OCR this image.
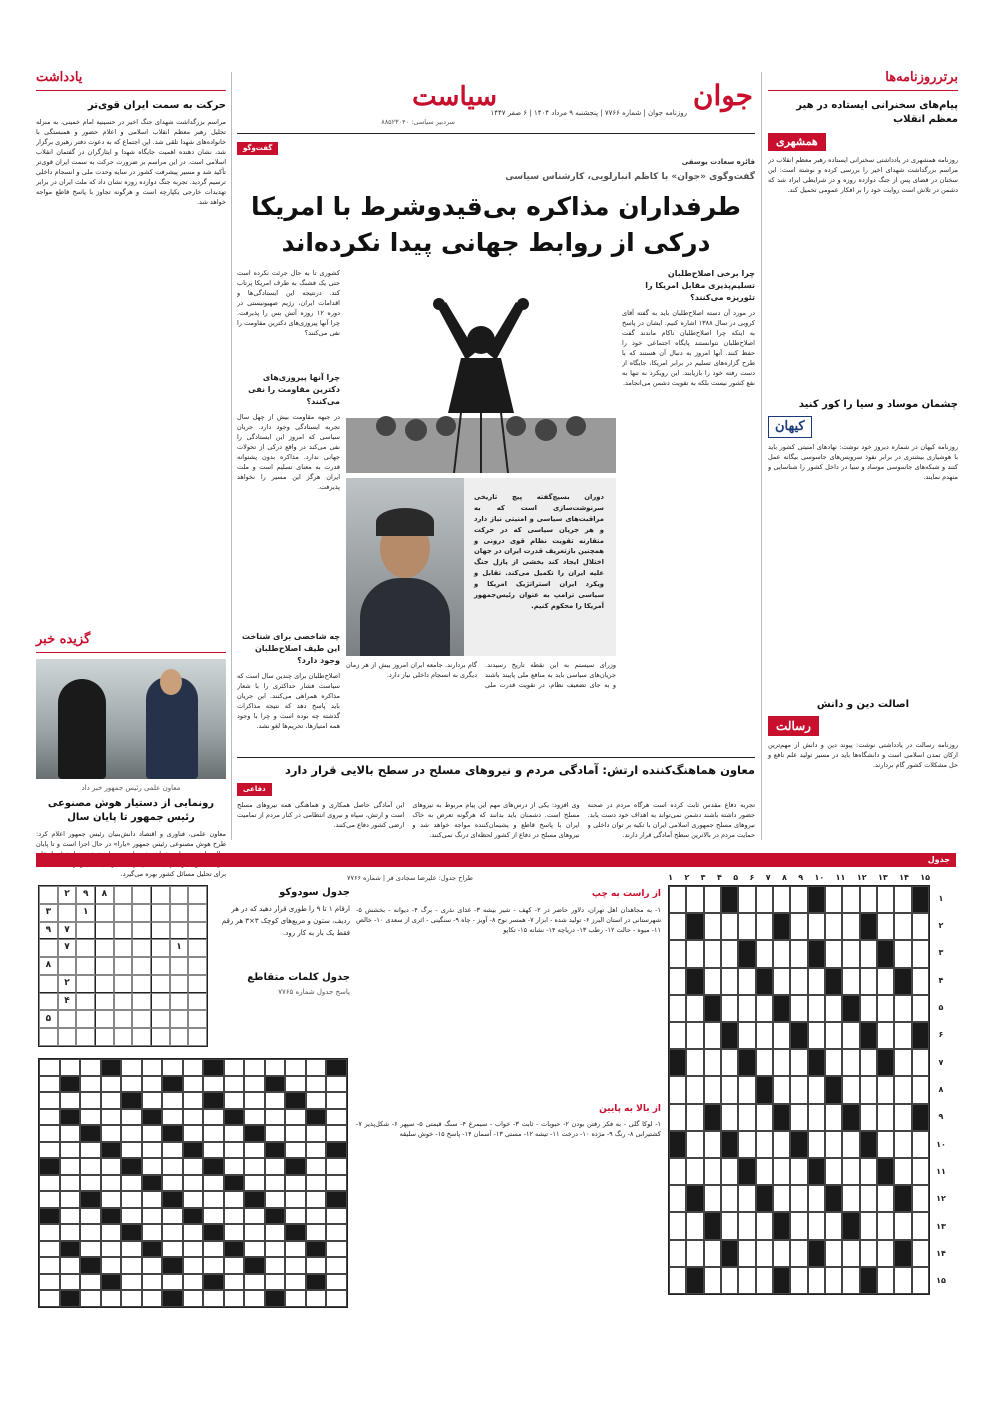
برترروزنامه‌ها
پیام‌های سخنرانی ایستاده در هیر معظم انقلاب
همشهری

روزنامه همشهری در یادداشتی سخنرانی ایستاده رهبر معظم انقلاب در مراسم بزرگداشت شهدای اخیر را بررسی کرده و نوشته است: این سخنان در فضای پس از جنگ دوازده روزه و در شرایطی ایراد شد که دشمن در تلاش است روایت خود را بر افکار عمومی تحمیل کند.

چشمان موساد و سیا را کور کنید
کیهان

روزنامه کیهان در شماره دیروز خود نوشت: نهادهای امنیتی کشور باید با هوشیاری بیشتری در برابر نفوذ سرویس‌های جاسوسی بیگانه عمل کنند و شبکه‌های جاسوسی موساد و سیا در داخل کشور را شناسایی و منهدم نمایند.

اصالت دین و دانش
رسالت

روزنامه رسالت در یادداشتی نوشت: پیوند دین و دانش از مهم‌ترین ارکان تمدن اسلامی است و دانشگاه‌ها باید در مسیر تولید علم نافع و حل مشکلات کشور گام بردارند.

یادداشت
حرکت به سمت ایران قوی‌تر

مراسم بزرگداشت شهدای جنگ اخیر در حسینیه امام خمینی، به منزله تجلیل رهبر معظم انقلاب اسلامی و اعلام حضور و همبستگی با خانواده‌های شهدا تلقی شد. این اجتماع که به دعوت دفتر رهبری برگزار شد، نشان دهنده اهمیت جایگاه شهدا و ایثارگران در گفتمان انقلاب اسلامی است. در این مراسم بر ضرورت حرکت به سمت ایران قوی‌تر تأکید شد و مسیر پیشرفت کشور در سایه وحدت ملی و انسجام داخلی ترسیم گردید. تجربه جنگ دوازده روزه نشان داد که ملت ایران در برابر تهدیدات خارجی یکپارچه است و هرگونه تجاوز با پاسخ قاطع مواجه خواهد شد.

گزیده خبر
معاون علمی رئیس جمهور خبر داد
رونمایی از دستیار هوش مصنوعی رئیس جمهور تا پایان سال

معاون علمی، فناوری و اقتصاد دانش‌بنیان رئیس جمهور اعلام کرد: طرح هوش مصنوعی رئیس جمهور «یارا» در حال اجرا است و تا پایان برای تحلیل مسائل کشور بهره می‌گیرد.

جوان
سیاست
روزنامه جوان | شماره ۷۷۶۶ | پنجشنبه ۹ مرداد ۱۴۰۴ | ۶ صفر ۱۴۴۷
سردبیر سیاسی: ۸۸۵۲۳۰۴۰
گفت‌وگو
فائزه سعادت یوسفی
گفت‌وگوی «جوان» با کاظم انبارلویی، کارشناس سیاسی
طرفداران مذاکره بی‌قیدوشرط با امریکا
درکی از روابط جهانی پیدا نکرده‌اند
چرا برخی اصلاح‌طلبان تسلیم‌پذیری مقابل امریکا را تئوریزه می‌کنند؟

در مورد آن دسته اصلاح‌طلبان باید به گفته آقای کروبی در سال ۱۳۸۸ اشاره کنیم. ایشان در پاسخ به اینکه چرا اصلاح‌طلبان ناکام ماندند گفت اصلاح‌طلبان نتوانستند پایگاه اجتماعی خود را حفظ کنند. آنها امروز به دنبال آن هستند که با طرح گزاره‌های تسلیم در برابر امریکا، جایگاه از دست رفته خود را بازیابند. این رویکرد نه تنها به نفع کشور نیست بلکه به تقویت دشمن می‌انجامد.

کشوری تا به حال جرئت نکرده است حتی یک فشنگ به طرف امریکا پرتاب کند. درنتیجه این ایستادگی‌ها و اقدامات ایران، رژیم صهیونیستی در دوره ۱۲ روزه آتش بس را پذیرفت. چرا آنها پیروزی‌های دکترین مقاومت را نفی می‌کنند؟

چرا آنها پیروزی‌های دکترین مقاومت را نفی می‌کنند؟

در جبهه مقاومت بیش از چهل سال تجربه ایستادگی وجود دارد. جریان سیاسی که امروز این ایستادگی را نفی می‌کند در واقع درکی از تحولات جهانی ندارد. مذاکره بدون پشتوانه قدرت به معنای تسلیم است و ملت ایران هرگز این مسیر را نخواهد پذیرفت.

چه شاخصی برای شناخت این طیف اصلاح‌طلبان وجود دارد؟

اصلاح‌طلبان برای چندین سال است که سیاست فشار حداکثری را با شعار مذاکره همراهی می‌کنند. این جریان باید پاسخ دهد که نتیجه مذاکرات گذشته چه بوده است و چرا با وجود همه امتیازها، تحریم‌ها لغو نشد.

دوران بسیج‌گفته پیچ تاریخی سرنوشت‌سازی است که به مراقبت‌های سیاسی و امنیتی نیاز دارد و هر جریان سیاسی که در حرکت متقارنه تقویت نظام قوی درونی و همچنین بازتعریف قدرت ایران در جهان اختلال ایجاد کند بخشی از پازل جنگ علیه ایران را تکمیل می‌کند. تقابل و ویکرد ایران استراتژیک امریکا و سیاسی ترامپ به عنوان رئیس‌جمهور آمریکا را محکوم کنیم.

وزرای سیستم به این نقطه تاریخ رسیدند. جریان‌های سیاسی باید به منافع ملی پایبند باشند و به جای تضعیف نظام، در تقویت قدرت ملی گام بردارند. جامعه ایران امروز بیش از هر زمان دیگری به انسجام داخلی نیاز دارد.

معاون هماهنگ‌کننده ارتش: آمادگی مردم و نیروهای مسلح در سطح بالایی قرار دارد
دفاعی

تجربه دفاع مقدس ثابت کرده است هرگاه مردم در صحنه حضور داشته باشند دشمن نمی‌تواند به اهداف خود دست یابد. نیروهای مسلح جمهوری اسلامی ایران با تکیه بر توان داخلی و حمایت مردم در بالاترین سطح آمادگی قرار دارند.

وی افزود: یکی از درس‌های مهم این پیام مربوط به نیروهای مسلح است. دشمنان باید بدانند که هرگونه تعرض به خاک ایران با پاسخ قاطع و پشیمان‌کننده مواجه خواهد شد و نیروهای مسلح در دفاع از کشور لحظه‌ای درنگ نمی‌کنند.

این آمادگی حاصل همکاری و هماهنگی همه نیروهای مسلح است و ارتش، سپاه و نیروی انتظامی در کنار مردم از تمامیت ارضی کشور دفاع می‌کنند.

جدول
۱ ۲ ۳ ۴ ۵ ۶ ۷ ۸ ۹ ۱۰ ۱۱ ۱۲ ۱۳ ۱۴ ۱۵
۱
۲
۳
۴
۵
۶
۷
۸
۹
۱۰
۱۱
۱۲
۱۳
۱۴
۱۵
طراح جدول: علیرضا سجادی فر | شماره ۷۷۶۶
از راست به چپ

۱- به مجاهدان اهل تهران، دلاور حاضر در ۲- کهف - شیر بیشه ۳- غذای نذری - برگ ۴- دیوانه - بخشش ۵- شهرستانی در استان البرز ۶- تولید شده - ابزار ۷- همسر نوح ۸- آویز - چاه ۹- سنگینی - اثری از سعدی ۱۰- خالص ۱۱- میوه - حالت ۱۲- رطب ۱۳- دریاچه ۱۴- نشانه ۱۵- تکاپو

از بالا به پایین

۱- لوکا گلی - به فکر رفتن بودن ۲- حبوبات - ثابت ۳- خواب - سیمرغ ۴- سنگ قیمتی ۵- سپهر ۶- شکل‌پذیر ۷- کشتیرانی ۸- رنگ ۹- مژده ۱۰- درخت ۱۱- تیشه ۱۲- مستی ۱۳- آسمان ۱۴- پاسخ ۱۵- خوش سلیقه

جدول سودوکو

ارقام ۱ تا ۹ را طوری قرار دهید که در هر ردیف، ستون و مربع‌های کوچک ۳×۳ هر رقم فقط یک بار به کار رود.

جدول کلمات متقاطع
پاسخ جدول شماره ۷۷۶۵
۸
۹
۲
۱
۳
۷
۹
۱
۷
۸
۲
۴
۵
